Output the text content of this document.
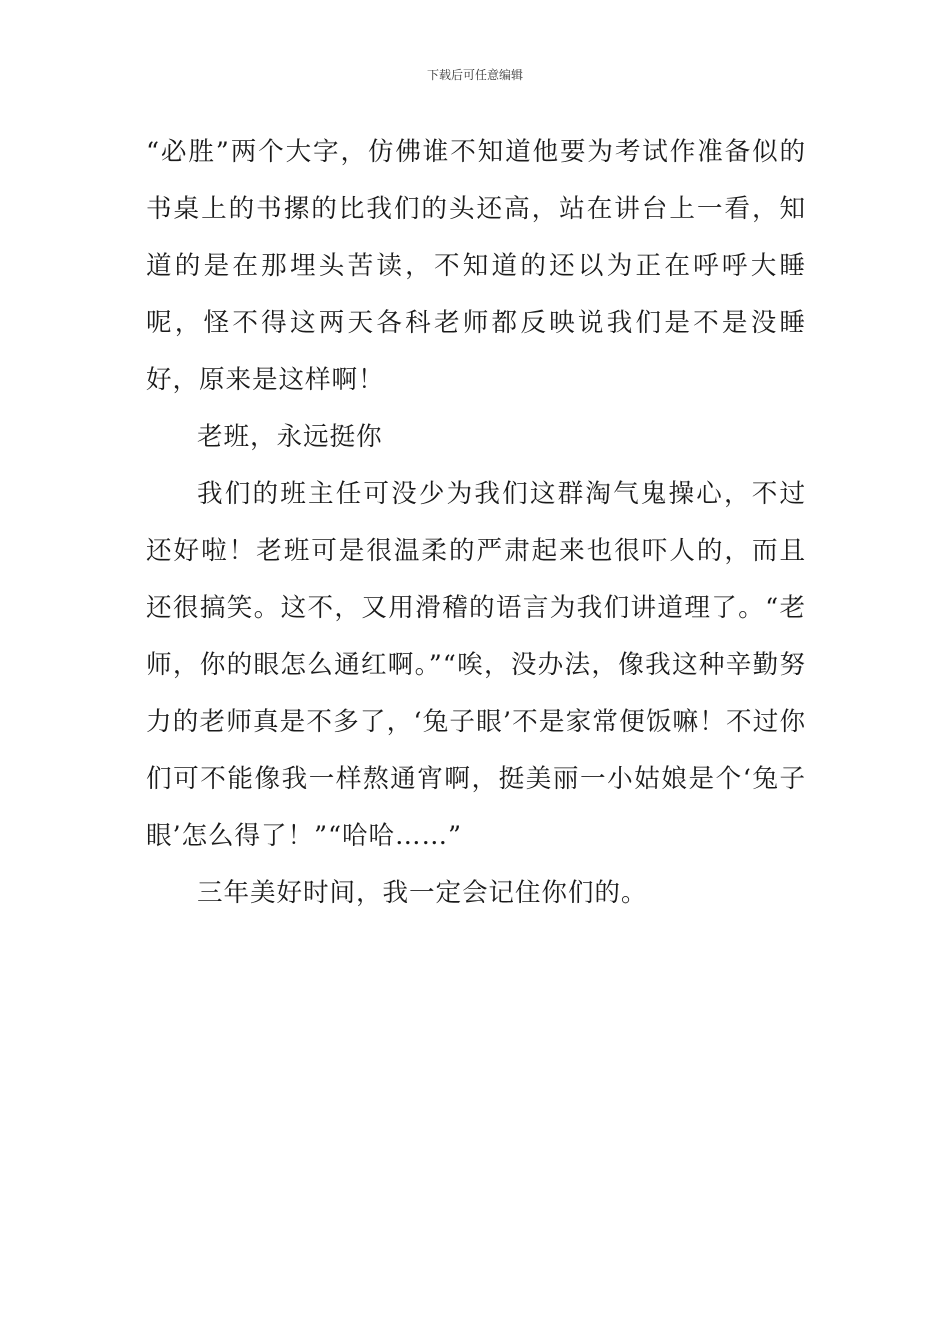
下载后可任意编辑

“必胜”两个大字，仿佛谁不知道他要为考试作准备似的书桌上的书摞的比我们的头还高，站在讲台上一看，知道的是在那埋头苦读，不知道的还以为正在呼呼大睡呢，怪不得这两天各科老师都反映说我们是不是没睡好，原来是这样啊！

老班，永远挺你

我们的班主任可没少为我们这群淘气鬼操心，不过还好啦！老班可是很温柔的严肃起来也很吓人的，而且还很搞笑。这不，又用滑稽的语言为我们讲道理了。“老师，你的眼怎么通红啊。”“唉，没办法，像我这种辛勤努力的老师真是不多了，‘兔子眼’不是家常便饭嘛！不过你们可不能像我一样熬通宵啊，挺美丽一小姑娘是个‘兔子眼’怎么得了！”“哈哈……”

三年美好时间，我一定会记住你们的。
